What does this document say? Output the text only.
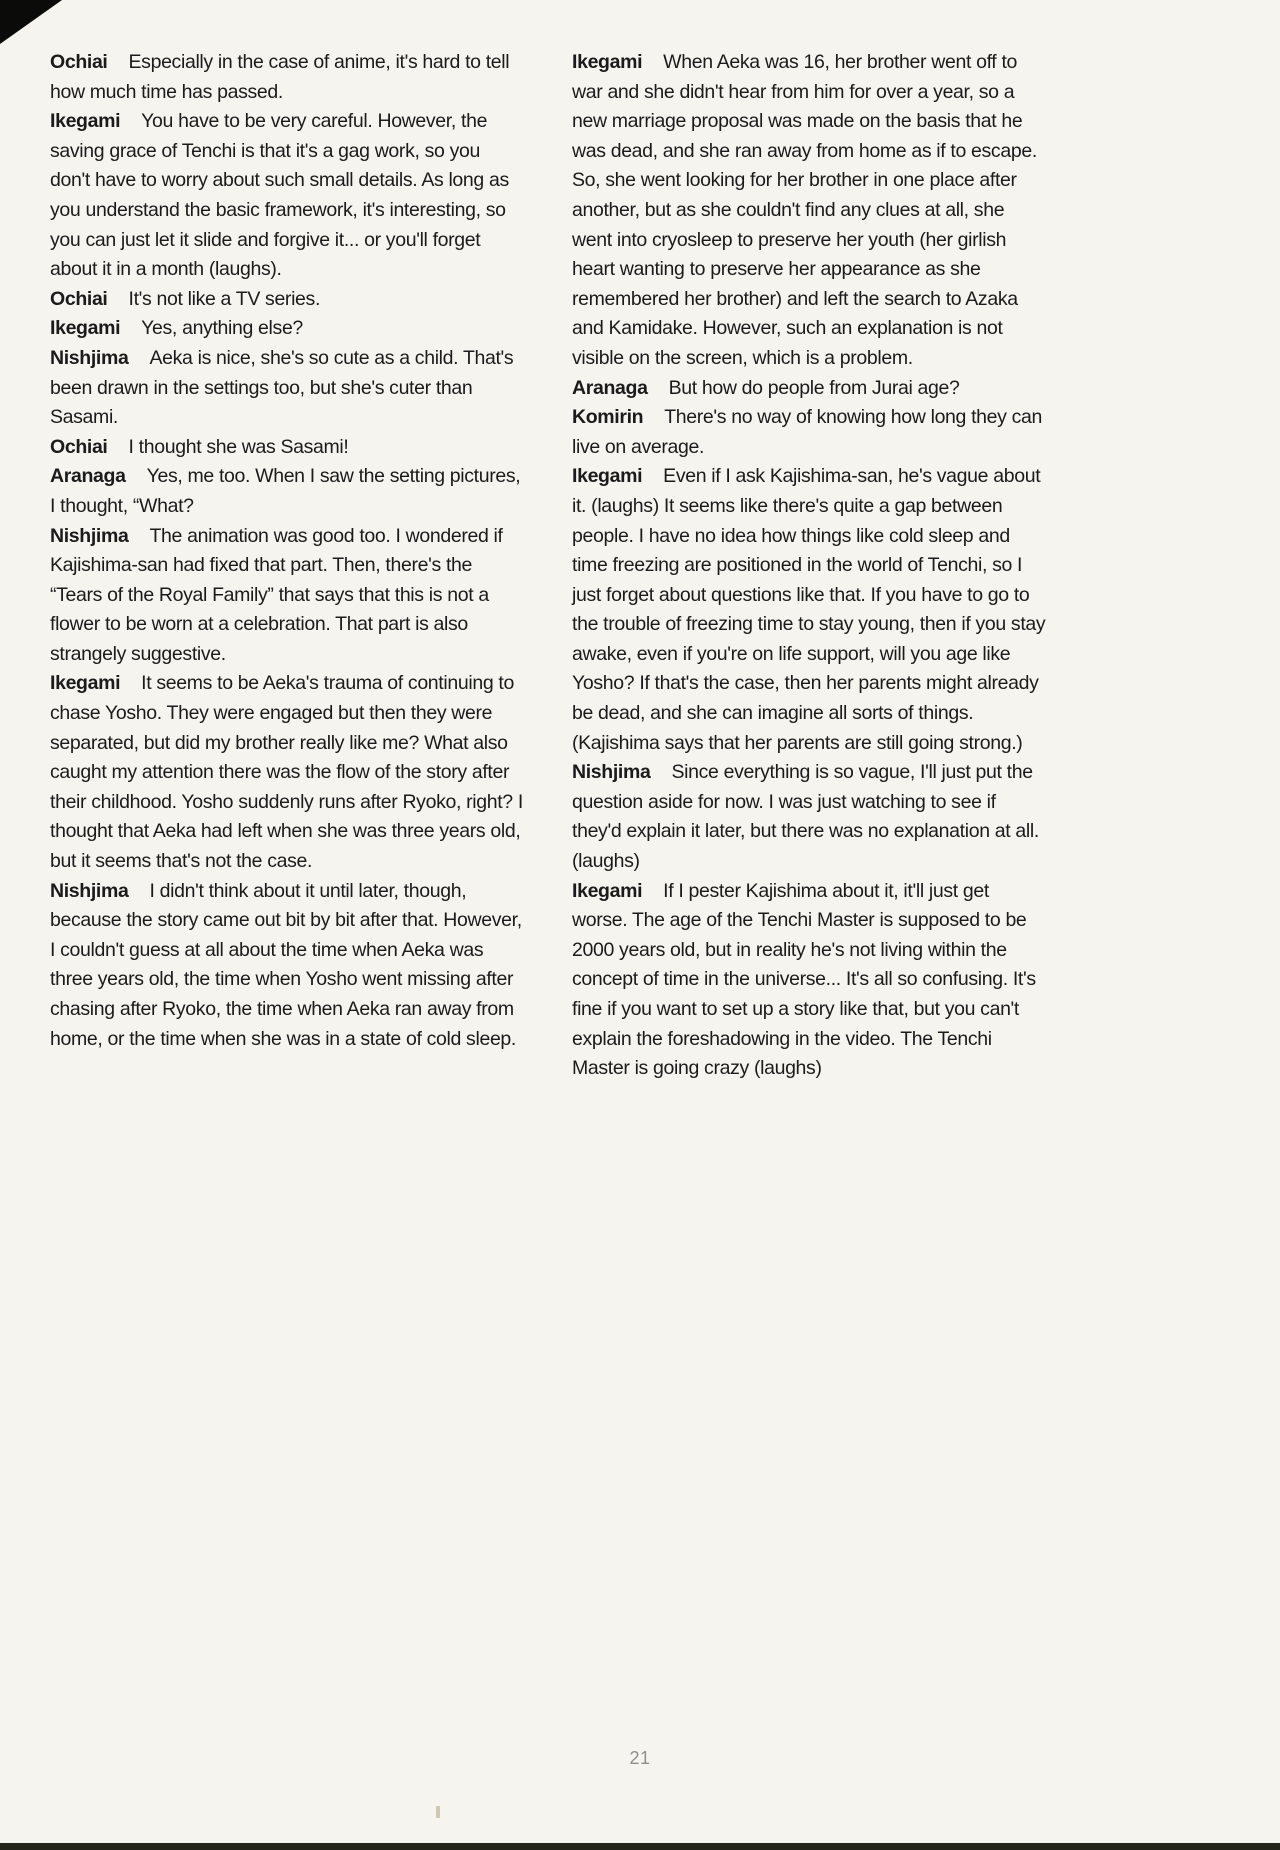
Ochiai Especially in the case of anime, it's hard to tell how much time has passed.

Ikegami You have to be very careful. However, the saving grace of Tenchi is that it's a gag work, so you don't have to worry about such small details. As long as you understand the basic framework, it's interesting, so you can just let it slide and forgive it... or you'll forget about it in a month (laughs).

Ochiai It's not like a TV series.

Ikegami Yes, anything else?

Nishjima Aeka is nice, she's so cute as a child. That's been drawn in the settings too, but she's cuter than Sasami.

Ochiai I thought she was Sasami!

Aranaga Yes, me too. When I saw the setting pictures, I thought, “What?

Nishjima The animation was good too. I wondered if Kajishima-san had fixed that part. Then, there's the “Tears of the Royal Family” that says that this is not a flower to be worn at a celebration. That part is also strangely suggestive.

Ikegami It seems to be Aeka's trauma of continuing to chase Yosho. They were engaged but then they were separated, but did my brother really like me? What also caught my attention there was the flow of the story after their childhood. Yosho suddenly runs after Ryoko, right? I thought that Aeka had left when she was three years old, but it seems that's not the case.

Nishjima I didn't think about it until later, though, because the story came out bit by bit after that. However, I couldn't guess at all about the time when Aeka was three years old, the time when Yosho went missing after chasing after Ryoko, the time when Aeka ran away from home, or the time when she was in a state of cold sleep.

Ikegami When Aeka was 16, her brother went off to war and she didn't hear from him for over a year, so a new marriage proposal was made on the basis that he was dead, and she ran away from home as if to escape. So, she went looking for her brother in one place after another, but as she couldn't find any clues at all, she went into cryosleep to preserve her youth (her girlish heart wanting to preserve her appearance as she remembered her brother) and left the search to Azaka and Kamidake. However, such an explanation is not visible on the screen, which is a problem.

Aranaga But how do people from Jurai age?

Komirin There's no way of knowing how long they can live on average.

Ikegami Even if I ask Kajishima-san, he's vague about it. (laughs) It seems like there's quite a gap between people. I have no idea how things like cold sleep and time freezing are positioned in the world of Tenchi, so I just forget about questions like that. If you have to go to the trouble of freezing time to stay young, then if you stay awake, even if you're on life support, will you age like Yosho? If that's the case, then her parents might already be dead, and she can imagine all sorts of things. (Kajishima says that her parents are still going strong.)

Nishjima Since everything is so vague, I'll just put the question aside for now. I was just watching to see if they'd explain it later, but there was no explanation at all. (laughs)

Ikegami If I pester Kajishima about it, it'll just get worse. The age of the Tenchi Master is supposed to be 2000 years old, but in reality he's not living within the concept of time in the universe... It's all so confusing. It's fine if you want to set up a story like that, but you can't explain the foreshadowing in the video. The Tenchi Master is going crazy (laughs)

21
